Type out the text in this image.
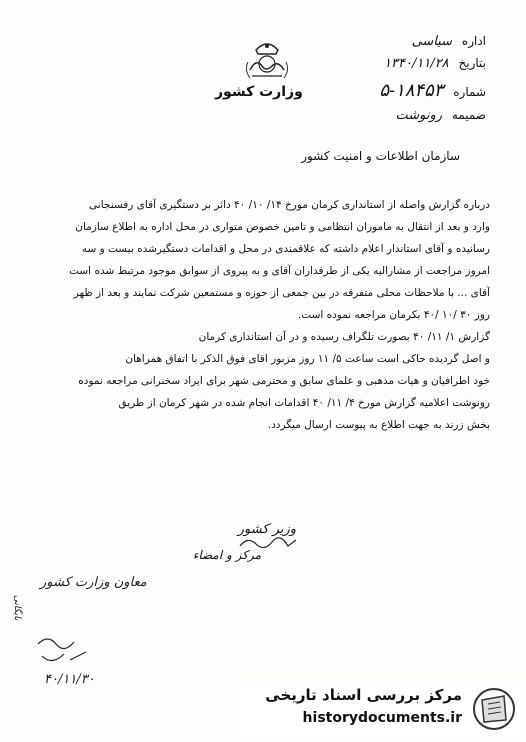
اداره سیاسی
بتاریخ ۱۳۴۰/۱۱/۲۸
شماره ۱۸۴۵۳-۵
ضمیمه رونوشت
وزارت کشور
سازمان اطلاعات و امنیت کشور
درباره گزارش واصله از استانداری کرمان مورخ ۱۴/ ۱۰/ ۴۰ دائر بر دستگیری آقای رفسنجانی
وارد و بعد از انتقال به ماموران انتظامی و تامین خصوص متواری در محل اداره به اطلاع سازمان
رسانیده و آقای استاندار اعلام داشته که علاقمندی در محل و اقدامات دستگیرشده بیست و سه
امروز مراجعت از مشارالیه یکی از طرفداران آقای و به پیروی از سوابق موجود مرتبط شده است
آقای ... با ملاحظات محلی متفرقه در بین جمعی از حوزه و مستمعین شرکت نمایند و بعد از ظهر
روز ۳۰ /۱۰ /۴۰ بکرمان مراجعه نموده است.
گزارش ۱/ ۱۱/ ۴۰ بصورت تلگراف رسیده و در آن استانداری کرمان
و اصل گردیده حاکی است ساعت ۵/ ۱۱ روز مزبور اقای فوق الذکر با اتفاق همراهان
خود اطرافیان و هیات مذهبی و علمای سابق و محترمی شهر برای ایراد سخنرانی مراجعه نموده
رونوشت اعلامیه گزارش مورخ ۴/ ۱۱/ ۴۰ اقدامات انجام شده در شهر کرمان از طریق
بخش زرند به جهت اطلاع به پیوست ارسال میگردد.
وزیر کشور
مرکز و امضاء
معاون وزارت کشور
بایگانی
۴۰/۱۱/۳۰
مرکز بررسی اسناد تاریخی
historydocuments.ir
